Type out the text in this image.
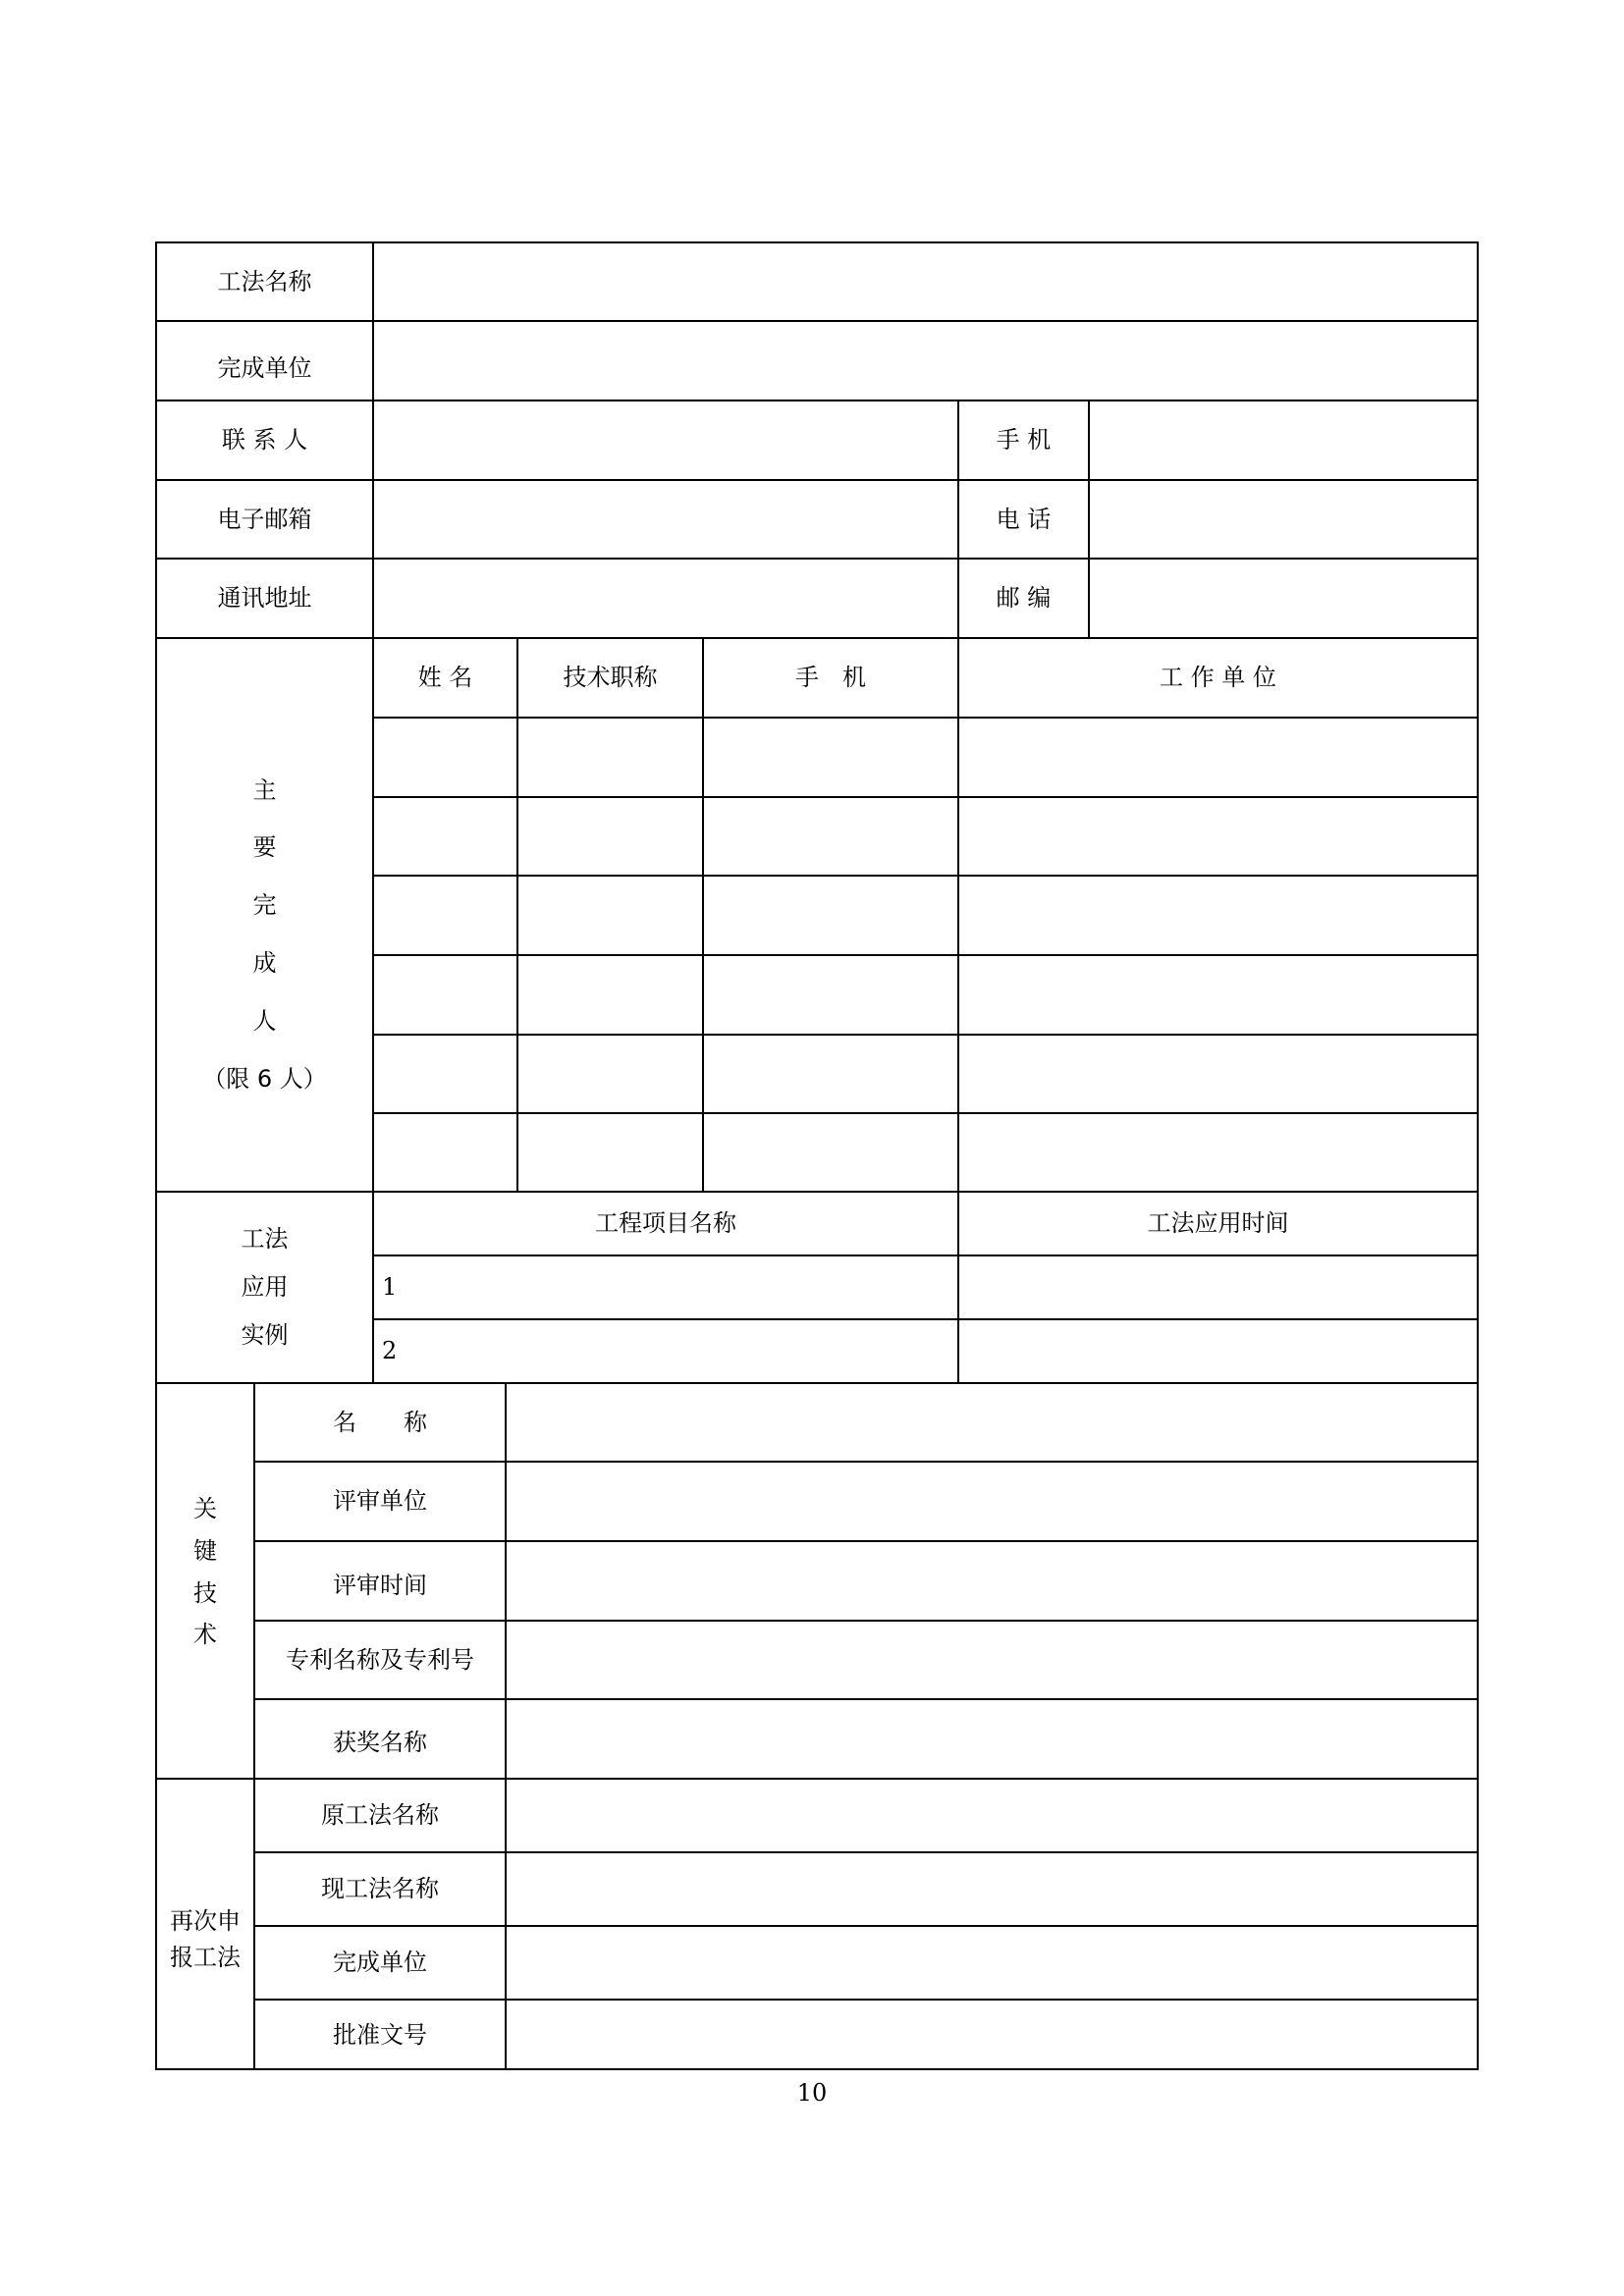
工法名称
完成单位
联 系 人	手 机
电子邮箱	电 话
通讯地址	邮 编
主
要
完
成
人
（限 6 人）
姓 名	技术职称	手　机	工 作 单 位
工法
应用
实例
工程项目名称	工法应用时间
1
2
关
键
技
术
名　　称
评审单位
评审时间
专利名称及专利号
获奖名称
再次申
报工法
原工法名称
现工法名称
完成单位
批准文号
10
